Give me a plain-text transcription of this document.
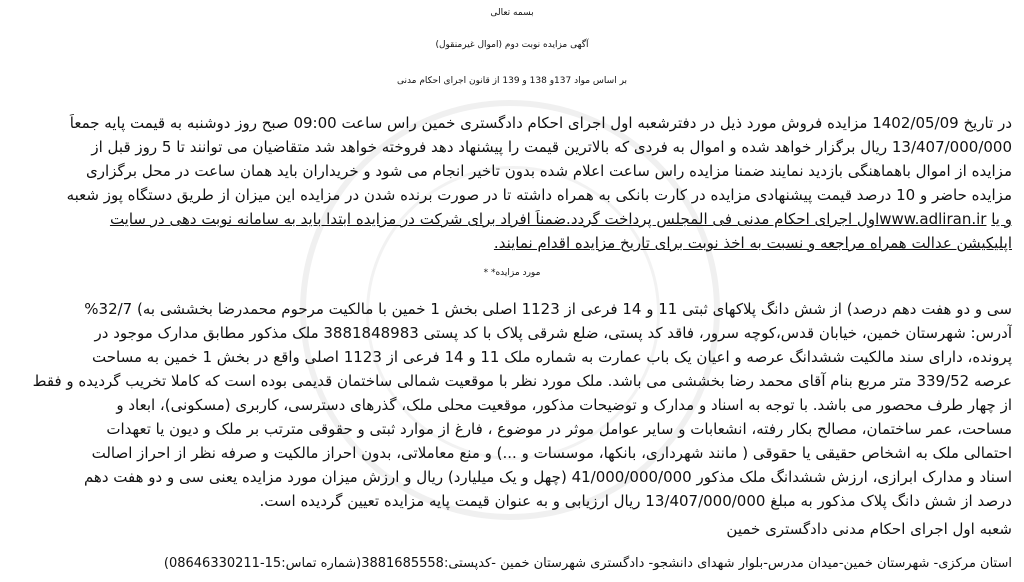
بسمه تعالی
آگهی مزایده نوبت دوم (اموال غیرمنقول)
بر اساس مواد 137و 138 و 139 از قانون اجرای احکام مدنی
در تاریخ 1402/05/09 مزایده فروش مورد ذیل در دفترشعبه اول اجرای احکام دادگستری خمین راس ساعت 09:00 صبح روز دوشنبه به قیمت پایه جمعاً
13/407/000/000 ریال برگزار خواهد شده و اموال به فردی که بالاترین قیمت را پیشنهاد دهد فروخته خواهد شد متقاضیان می توانند تا 5 روز قبل از
مزایده از اموال باهماهنگی بازدید نمایند ضمنا مزایده راس ساعت اعلام شده بدون تاخیر انجام می شود و خریداران باید همان ساعت در محل برگزاری
مزایده حاضر و 10 درصد قیمت پیشنهادی مزایده در کارت بانکی به همراه داشته تا در صورت برنده شدن در مزایده این میزان از طریق دستگاه پوز شعبه
و یا www.adliran.irاول اجرای احکام مدنی فی المجلس پرداخت گردد.ضمناً افراد برای شرکت در مزایده ابتدا باید به سامانه نوبت دهی در سایت
اپلیکیشن عدالت همراه مراجعه و نسبت به اخذ نوبت برای تاریخ مزایده اقدام نمایند.
مورد مزایده* *
سی و دو هفت دهم درصد) از شش دانگ پلاکهای ثبتی 11 و 14 فرعی از 1123 اصلی بخش 1 خمین با مالکیت مرحوم محمدرضا بخششی به) 32/7%
آدرس: شهرستان خمین، خیابان قدس،کوچه سرور، فاقد کد پستی، ضلع شرقی پلاک با کد پستی 3881848983 ملک مذکور مطابق مدارک موجود در
پرونده، دارای سند مالکیت ششدانگ عرصه و اعیان یک باب عمارت به شماره ملک 11 و 14 فرعی از 1123 اصلی واقع در بخش 1 خمین به مساحت
عرصه 339/52 متر مربع بنام آقای محمد رضا بخششی می باشد. ملک مورد نظر با موقعیت شمالی ساختمان قدیمی بوده است که کاملا تخریب گردیده و فقط
از چهار طرف محصور می باشد. با توجه به اسناد و مدارک و توضیحات مذکور، موقعیت محلی ملک، گذرهای دسترسی، کاربری (مسکونی)، ابعاد و
مساحت، عمر ساختمان، مصالح بکار رفته، انشعابات و سایر عوامل موثر در موضوع ، فارغ از موارد ثبتی و حقوقی مترتب بر ملک و دیون یا تعهدات
احتمالی ملک به اشخاص حقیقی یا حقوقی ( مانند شهرداری، بانکها، موسسات و ...) و منع معاملاتی، بدون احراز مالکیت و صرفه نظر از احراز اصالت
اسناد و مدارک ابرازی، ارزش ششدانگ ملک مذکور 41/000/000/000 (چهل و یک میلیارد) ریال و ارزش میزان مورد مزایده یعنی سی و دو هفت دهم
درصد از شش دانگ پلاک مذکور به مبلغ 13/407/000/000 ریال ارزیابی و به عنوان قیمت پایه مزایده تعیین گردیده است.
شعبه اول اجرای احکام مدنی دادگستری خمین
استان مرکزی- شهرستان خمین-میدان مدرس-بلوار شهدای دانشجو- دادگستری شهرستان خمین -کدپستی:3881685558(شماره تماس:15-08646330211)
